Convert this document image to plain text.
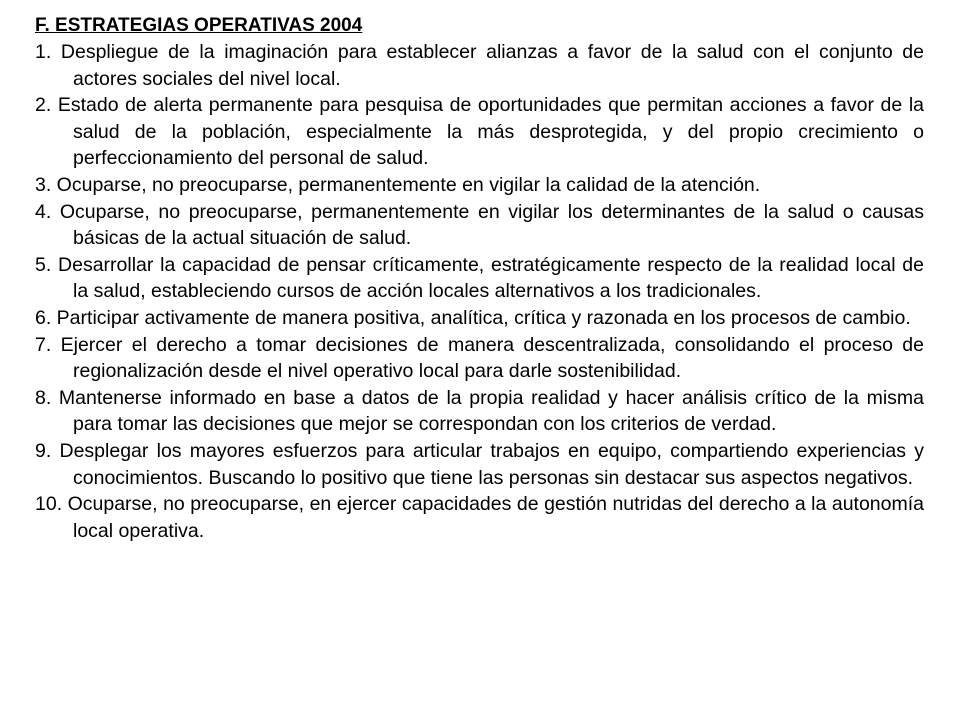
F. ESTRATEGIAS OPERATIVAS 2004
1. Despliegue de la imaginación para establecer alianzas a favor de la salud con el conjunto de actores sociales del nivel local.
2. Estado de alerta permanente para pesquisa de oportunidades que permitan acciones a favor de la salud de la población, especialmente la más desprotegida, y del propio crecimiento o perfeccionamiento del personal de salud.
3. Ocuparse, no preocuparse, permanentemente en vigilar la calidad de la atención.
4. Ocuparse, no preocuparse, permanentemente en vigilar los determinantes de la salud o causas básicas de la actual situación de salud.
5. Desarrollar la capacidad de pensar críticamente, estratégicamente respecto de la realidad local de la salud, estableciendo cursos de acción locales alternativos a los tradicionales.
6. Participar activamente de manera positiva, analítica, crítica y razonada en los procesos de cambio.
7. Ejercer el derecho a tomar decisiones de manera descentralizada, consolidando el proceso de regionalización desde el nivel operativo local para darle sostenibilidad.
8. Mantenerse informado en base a datos de la propia realidad y hacer análisis crítico de la misma para tomar las decisiones que mejor se correspondan con los criterios de verdad.
9. Desplegar los mayores esfuerzos para articular trabajos en equipo, compartiendo experiencias y conocimientos. Buscando lo positivo que tiene las personas sin destacar sus aspectos negativos.
10. Ocuparse, no preocuparse, en ejercer capacidades de gestión nutridas del derecho a la autonomía local operativa.
